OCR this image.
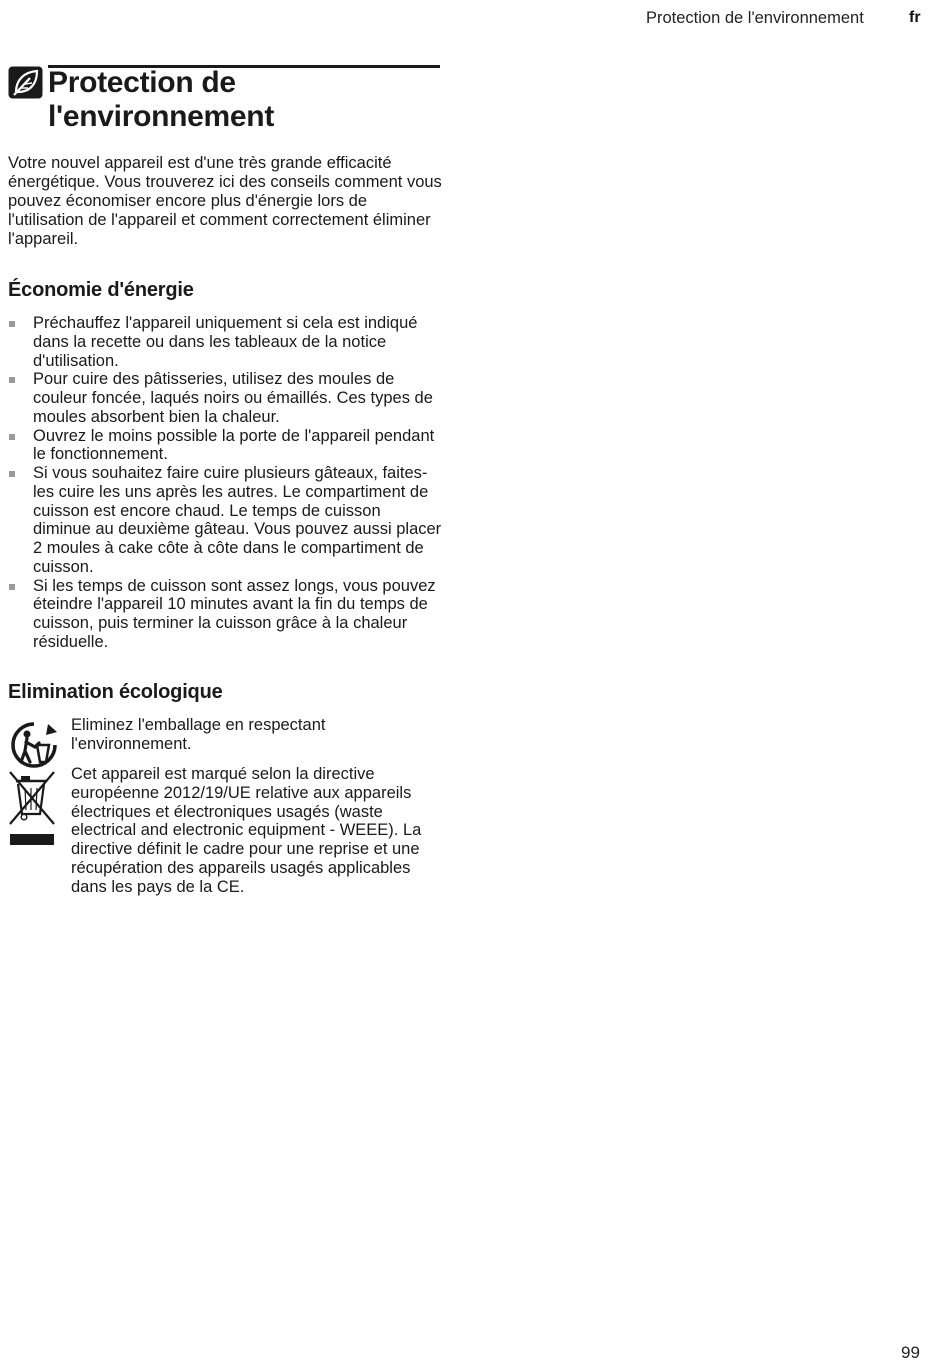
Protection de l'environnement	fr
Protection de l'environnement

Votre nouvel appareil est d'une très grande efficacité énergétique. Vous trouverez ici des conseils comment vous pouvez économiser encore plus d'énergie lors de l'utilisation de l'appareil et comment correctement éliminer l'appareil.

Économie d'énergie
Préchauffez l'appareil uniquement si cela est indiqué dans la recette ou dans les tableaux de la notice d'utilisation.
Pour cuire des pâtisseries, utilisez des moules de couleur foncée, laqués noirs ou émaillés. Ces types de moules absorbent bien la chaleur.
Ouvrez le moins possible la porte de l'appareil pendant le fonctionnement.
Si vous souhaitez faire cuire plusieurs gâteaux, faites-les cuire les uns après les autres. Le compartiment de cuisson est encore chaud. Le temps de cuisson diminue au deuxième gâteau. Vous pouvez aussi placer 2 moules à cake côte à côte dans le compartiment de cuisson.
Si les temps de cuisson sont assez longs, vous pouvez éteindre l'appareil 10 minutes avant la fin du temps de cuisson, puis terminer la cuisson grâce à la chaleur résiduelle.
Elimination écologique

Eliminez l'emballage en respectant l'environnement.

Cet appareil est marqué selon la directive européenne 2012/19/UE relative aux appareils électriques et électroniques usagés (waste electrical and electronic equipment - WEEE). La directive définit le cadre pour une reprise et une récupération des appareils usagés applicables dans les pays de la CE.

99
